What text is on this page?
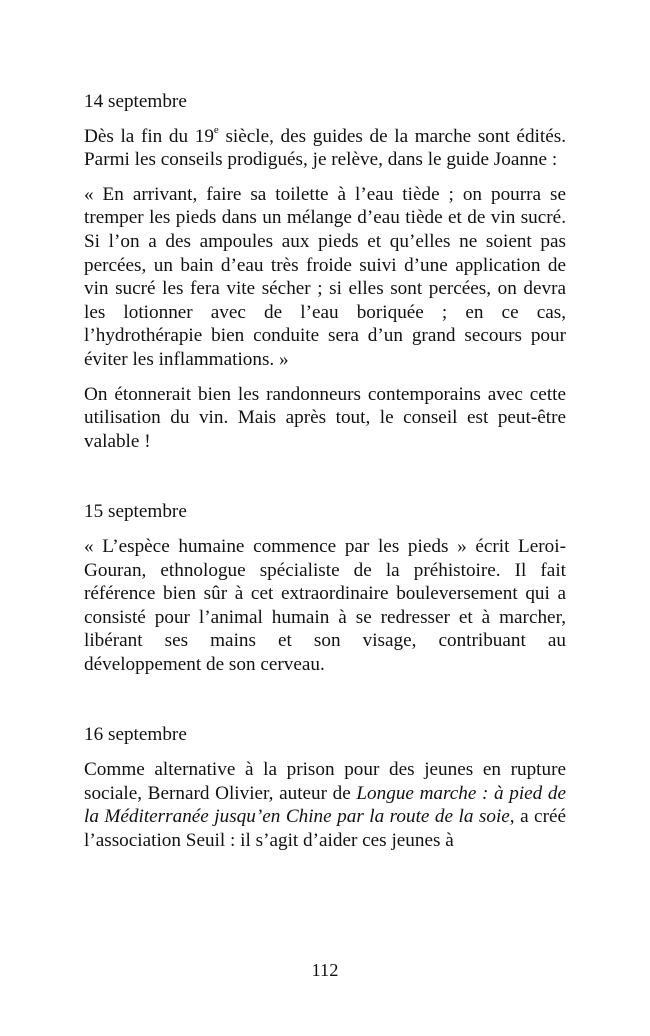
14 septembre

Dès la fin du 19e siècle, des guides de la marche sont édités. Parmi les conseils prodigués, je relève, dans le guide Joanne :

« En arrivant, faire sa toilette à l’eau tiède ; on pourra se tremper les pieds dans un mélange d’eau tiède et de vin sucré. Si l’on a des ampoules aux pieds et qu’elles ne soient pas percées, un bain d’eau très froide suivi d’une application de vin sucré les fera vite sécher ; si elles sont percées, on devra les lotionner avec de l’eau boriquée ; en ce cas, l’hydrothérapie bien conduite sera d’un grand secours pour éviter les inflammations. »

On étonnerait bien les randonneurs contemporains avec cette utilisation du vin. Mais après tout, le conseil est peut-être valable !

15 septembre

« L’espèce humaine commence par les pieds » écrit Leroi-Gouran, ethnologue spécialiste de la préhistoire. Il fait référence bien sûr à cet extraordinaire bouleversement qui a consisté pour l’animal humain à se redresser et à marcher, libérant ses mains et son visage, contribuant au développement de son cerveau.

16 septembre

Comme alternative à la prison pour des jeunes en rupture sociale, Bernard Olivier, auteur de Longue marche : à pied de la Méditerranée jusqu’en Chine par la route de la soie, a créé l’association Seuil : il s’agit d’aider ces jeunes à

112
